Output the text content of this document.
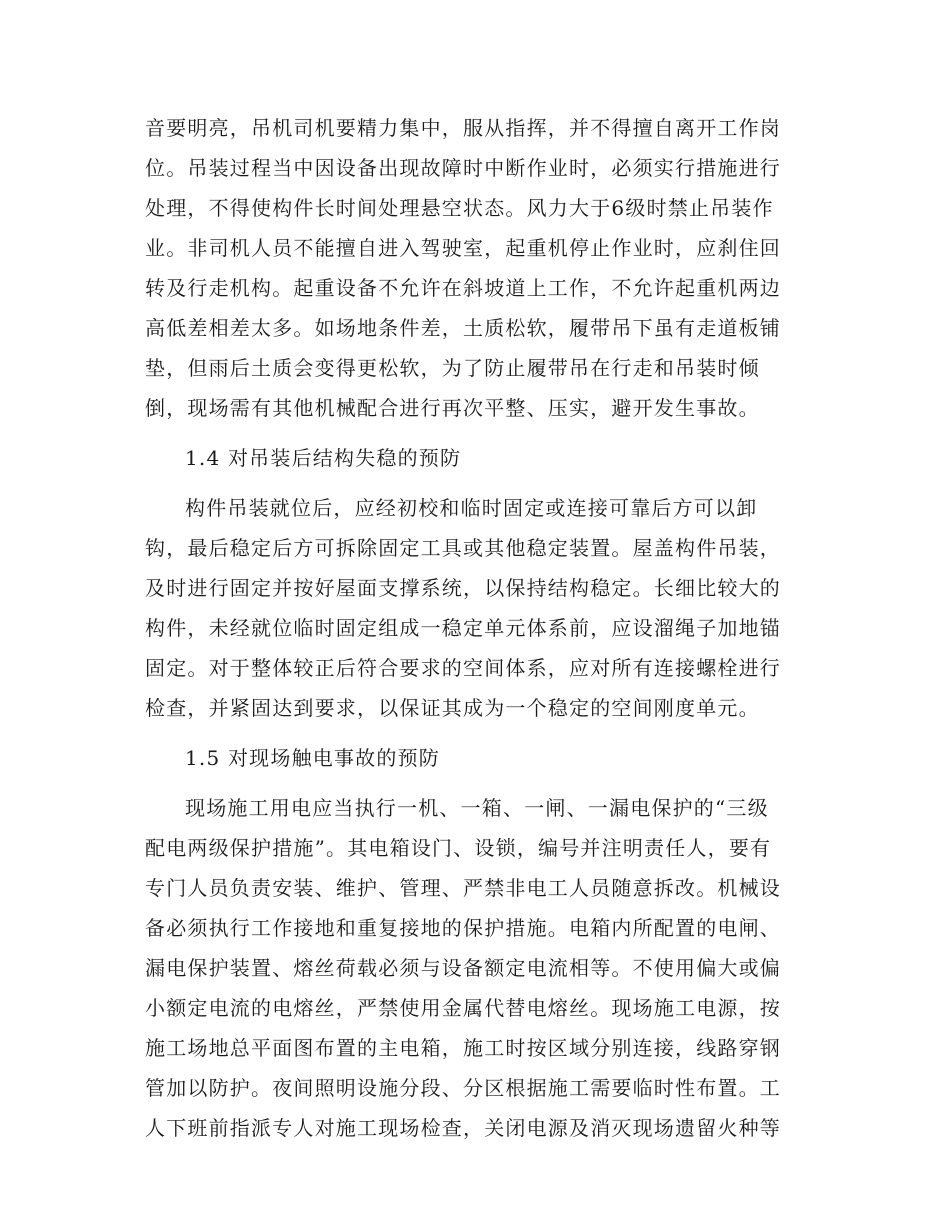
音要明亮，吊机司机要精力集中，服从指挥，并不得擅自离开工作岗
位。吊装过程当中因设备出现故障时中断作业时，必须实行措施进行
处理，不得使构件长时间处理悬空状态。风力大于6级时禁止吊装作
业。非司机人员不能擅自进入驾驶室，起重机停止作业时，应刹住回
转及行走机构。起重设备不允许在斜坡道上工作，不允许起重机两边
高低差相差太多。如场地条件差，土质松软，履带吊下虽有走道板铺
垫，但雨后土质会变得更松软，为了防止履带吊在行走和吊装时倾
倒，现场需有其他机械配合进行再次平整、压实，避开发生事故。
1.4 对吊装后结构失稳的预防
构件吊装就位后，应经初校和临时固定或连接可靠后方可以卸
钩，最后稳定后方可拆除固定工具或其他稳定装置。屋盖构件吊装，
及时进行固定并按好屋面支撑系统，以保持结构稳定。长细比较大的
构件，未经就位临时固定组成一稳定单元体系前，应设溜绳子加地锚
固定。对于整体较正后符合要求的空间体系，应对所有连接螺栓进行
检查，并紧固达到要求，以保证其成为一个稳定的空间刚度单元。
1.5 对现场触电事故的预防
现场施工用电应当执行一机、一箱、一闸、一漏电保护的“三级
配电两级保护措施”。其电箱设门、设锁，编号并注明责任人，要有
专门人员负责安装、维护、管理、严禁非电工人员随意拆改。机械设
备必须执行工作接地和重复接地的保护措施。电箱内所配置的电闸、
漏电保护装置、熔丝荷载必须与设备额定电流相等。不使用偏大或偏
小额定电流的电熔丝，严禁使用金属代替电熔丝。现场施工电源，按
施工场地总平面图布置的主电箱，施工时按区域分别连接，线路穿钢
管加以防护。夜间照明设施分段、分区根据施工需要临时性布置。工
人下班前指派专人对施工现场检查，关闭电源及消灭现场遗留火种等
